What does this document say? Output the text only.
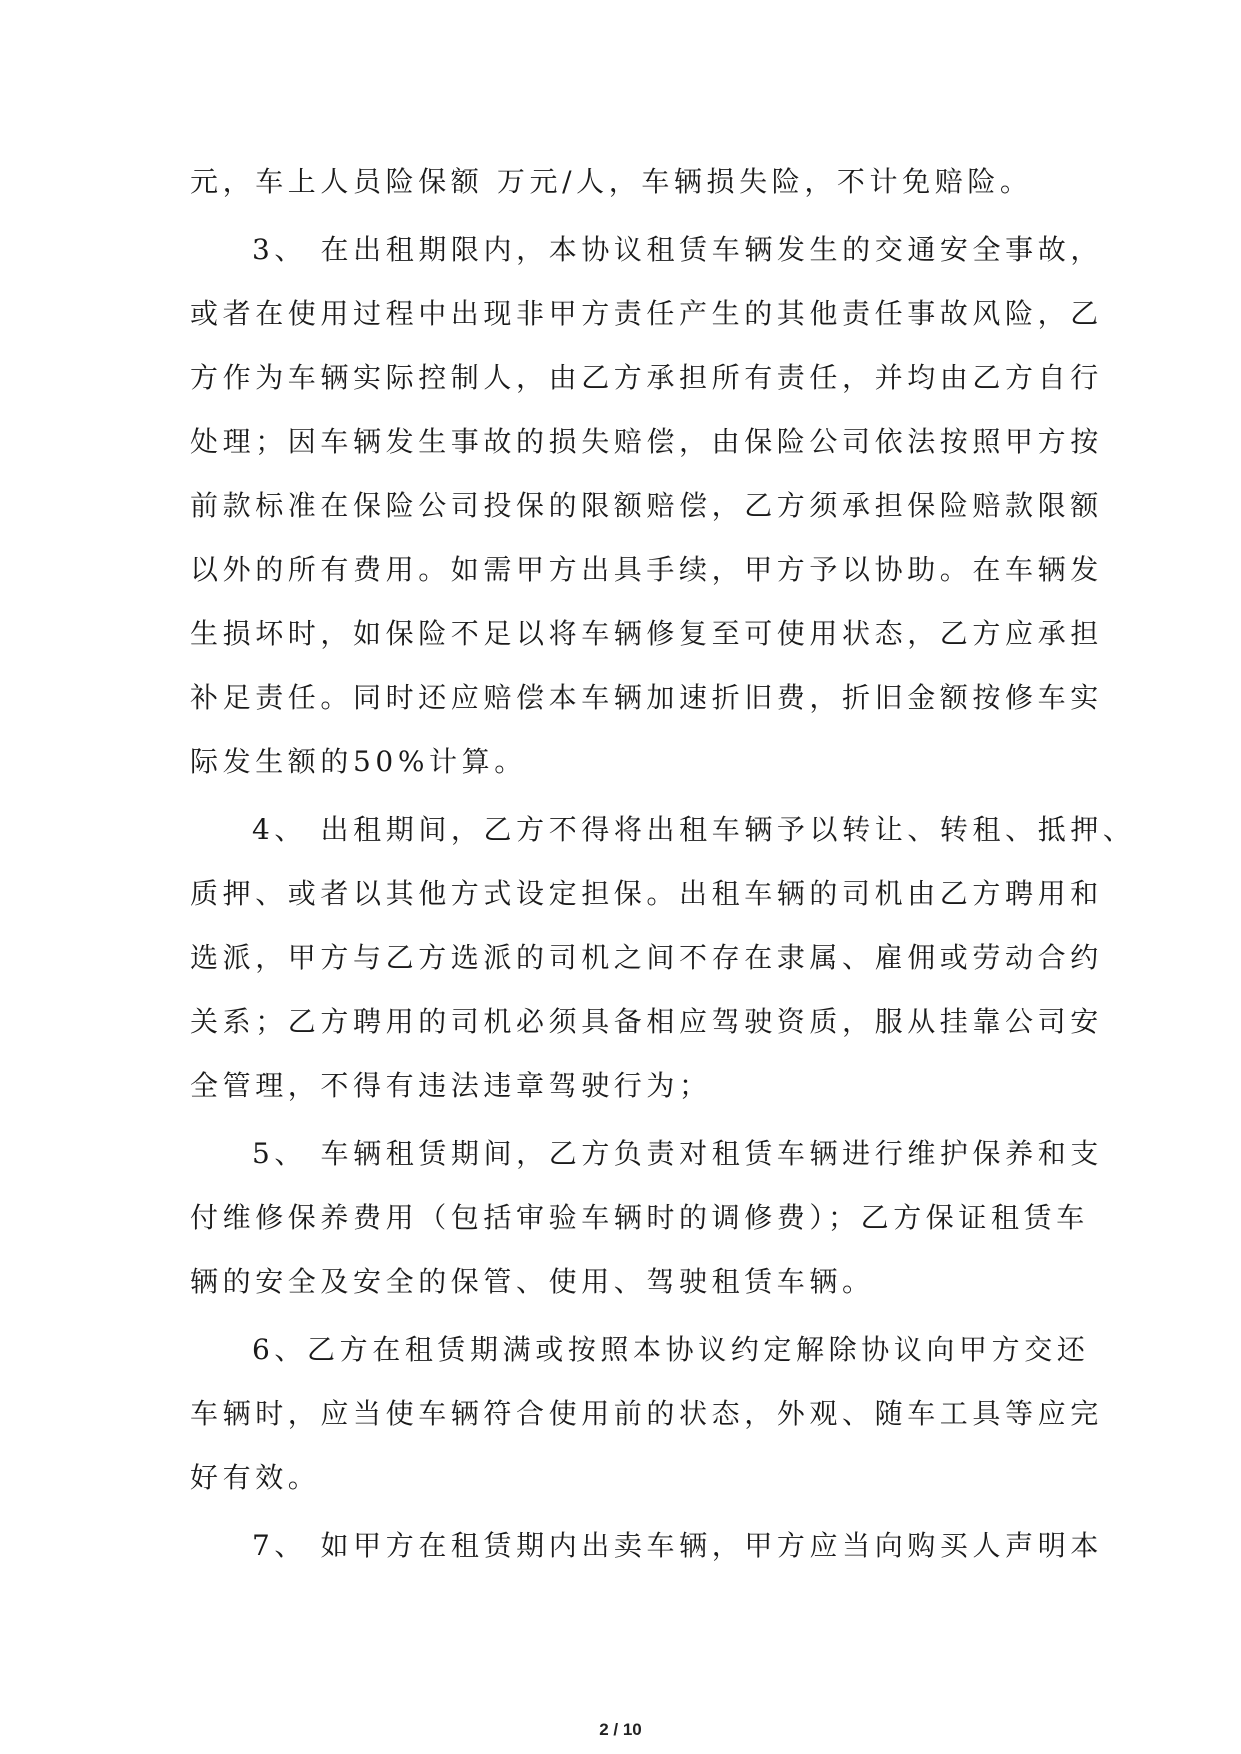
元，车上人员险保额 万元/人，车辆损失险，不计免赔险。
3、 在出租期限内，本协议租赁车辆发生的交通安全事故，
或者在使用过程中出现非甲方责任产生的其他责任事故风险，乙
方作为车辆实际控制人，由乙方承担所有责任，并均由乙方自行
处理；因车辆发生事故的损失赔偿，由保险公司依法按照甲方按
前款标准在保险公司投保的限额赔偿，乙方须承担保险赔款限额
以外的所有费用。如需甲方出具手续，甲方予以协助。在车辆发
生损坏时，如保险不足以将车辆修复至可使用状态，乙方应承担
补足责任。同时还应赔偿本车辆加速折旧费，折旧金额按修车实
际发生额的50%计算。
4、 出租期间，乙方不得将出租车辆予以转让、转租、抵押、
质押、或者以其他方式设定担保。出租车辆的司机由乙方聘用和
选派，甲方与乙方选派的司机之间不存在隶属、雇佣或劳动合约
关系；乙方聘用的司机必须具备相应驾驶资质，服从挂靠公司安
全管理，不得有违法违章驾驶行为；
5、 车辆租赁期间，乙方负责对租赁车辆进行维护保养和支
付维修保养费用（包括审验车辆时的调修费）；乙方保证租赁车
辆的安全及安全的保管、使用、驾驶租赁车辆。
6、乙方在租赁期满或按照本协议约定解除协议向甲方交还
车辆时，应当使车辆符合使用前的状态，外观、随车工具等应完
好有效。
7、 如甲方在租赁期内出卖车辆，甲方应当向购买人声明本
2 / 10
